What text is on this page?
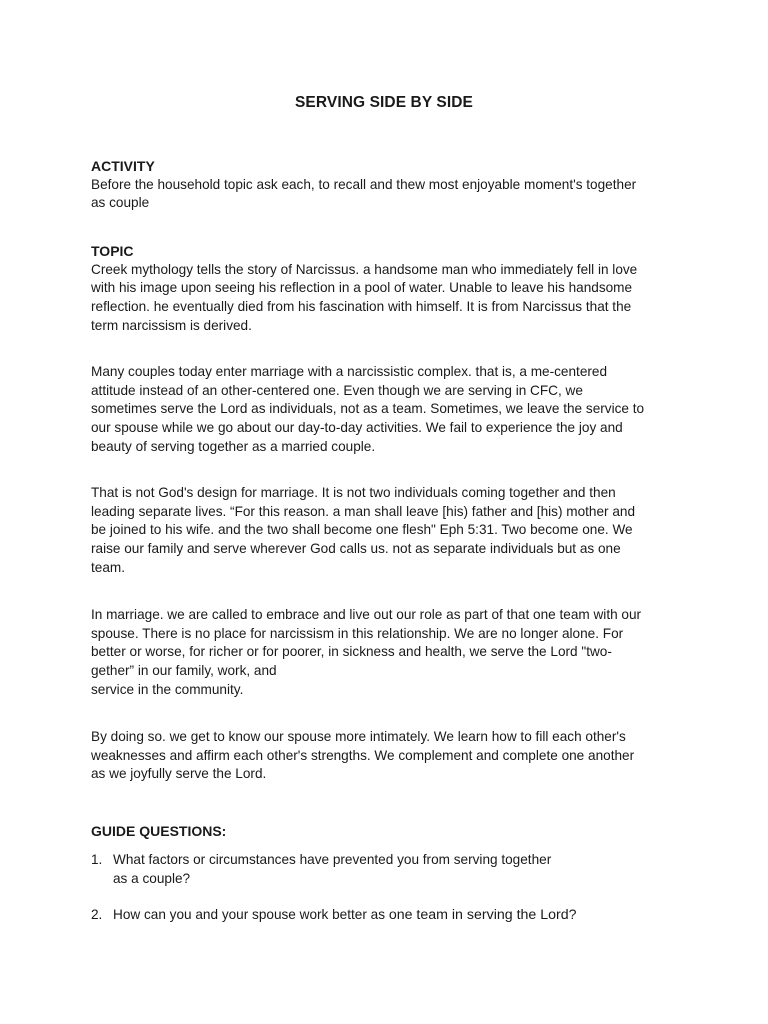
SERVING SIDE BY SIDE
ACTIVITY
Before the household topic ask each, to recall and thew most enjoyable moment's together
as couple
TOPIC
Creek mythology tells the story of Narcissus. a handsome man who immediately fell in love
with his image upon seeing his reflection in a pool of water. Unable to leave his handsome
reflection. he eventually died from his fascination with himself. It is from Narcissus that the
term narcissism is derived.
Many couples today enter marriage with a narcissistic complex. that is, a me-centered
attitude instead of an other-centered one. Even though we are serving in CFC, we
sometimes serve the Lord as individuals, not as a team. Sometimes, we leave the service to
our spouse while we go about our day-to-day activities. We fail to experience the joy and
beauty of serving together as a married couple.
That is not God's design for marriage. It is not two individuals coming together and then
leading separate lives. “For this reason. a man shall leave [his) father and [his) mother and
be joined to his wife. and the two shall become one flesh" Eph 5:31. Two become one. We
raise our family and serve wherever God calls us. not as separate individuals but as one
team.
In marriage. we are called to embrace and live out our role as part of that one team with our
spouse. There is no place for narcissism in this relationship. We are no longer alone. For
better or worse, for richer or for poorer, in sickness and health, we serve the Lord "two-
gether” in our family, work, and
service in the community.
By doing so. we get to know our spouse more intimately. We learn how to fill each other's
weaknesses and affirm each other's strengths. We complement and complete one another
as we joyfully serve the Lord.
GUIDE QUESTIONS:
1. What factors or circumstances have prevented you from serving together
as a couple?
2. How can you and your spouse work better as one team in serving the Lord?
